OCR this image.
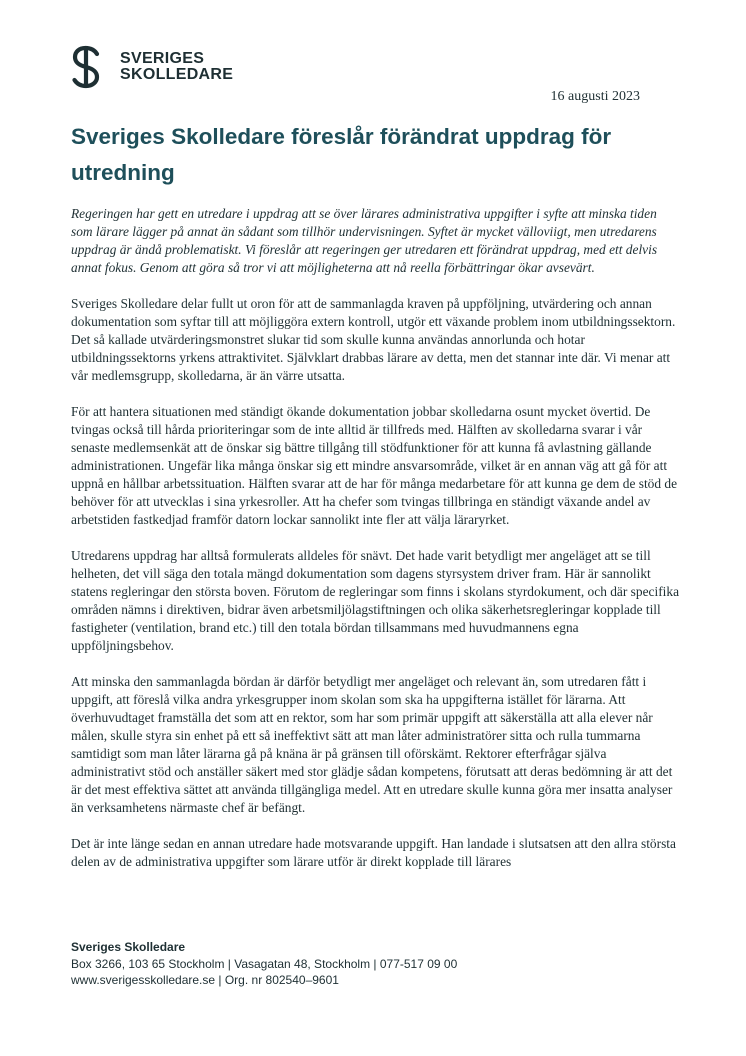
SVERIGES
SKOLLEDARE
16 augusti 2023
Sveriges Skolledare föreslår förändrat uppdrag för utredning

Regeringen har gett en utredare i uppdrag att se över lärares administrativa uppgifter i syfte att minska tiden som lärare lägger på annat än sådant som tillhör undervisningen. Syftet är mycket välloviigt, men utredarens uppdrag är ändå problematiskt. Vi föreslår att regeringen ger utredaren ett förändrat uppdrag, med ett delvis annat fokus. Genom att göra så tror vi att möjligheterna att nå reella förbättringar ökar avsevärt.

Sveriges Skolledare delar fullt ut oron för att de sammanlagda kraven på uppföljning, utvärdering och annan dokumentation som syftar till att möjliggöra extern kontroll, utgör ett växande problem inom utbildningssektorn. Det så kallade utvärderingsmonstret slukar tid som skulle kunna användas annorlunda och hotar utbildningssektorns yrkens attraktivitet. Självklart drabbas lärare av detta, men det stannar inte där. Vi menar att vår medlemsgrupp, skolledarna, är än värre utsatta.

För att hantera situationen med ständigt ökande dokumentation jobbar skolledarna osunt mycket övertid. De tvingas också till hårda prioriteringar som de inte alltid är tillfreds med. Hälften av skolledarna svarar i vår senaste medlemsenkät att de önskar sig bättre tillgång till stödfunktioner för att kunna få avlastning gällande administrationen. Ungefär lika många önskar sig ett mindre ansvarsområde, vilket är en annan väg att gå för att uppnå en hållbar arbetssituation. Hälften svarar att de har för många medarbetare för att kunna ge dem de stöd de behöver för att utvecklas i sina yrkesroller. Att ha chefer som tvingas tillbringa en ständigt växande andel av arbetstiden fastkedjad framför datorn lockar sannolikt inte fler att välja läraryrket.

Utredarens uppdrag har alltså formulerats alldeles för snävt. Det hade varit betydligt mer angeläget att se till helheten, det vill säga den totala mängd dokumentation som dagens styrsystem driver fram. Här är sannolikt statens regleringar den största boven. Förutom de regleringar som finns i skolans styrdokument, och där specifika områden nämns i direktiven, bidrar även arbetsmiljölagstiftningen och olika säkerhetsregleringar kopplade till fastigheter (ventilation, brand etc.) till den totala bördan tillsammans med huvudmannens egna uppföljningsbehov.

Att minska den sammanlagda bördan är därför betydligt mer angeläget och relevant än, som utredaren fått i uppgift, att föreslå vilka andra yrkesgrupper inom skolan som ska ha uppgifterna istället för lärarna. Att överhuvudtaget framställa det som att en rektor, som har som primär uppgift att säkerställa att alla elever når målen, skulle styra sin enhet på ett så ineffektivt sätt att man låter administratörer sitta och rulla tummarna samtidigt som man låter lärarna gå på knäna är på gränsen till oförskämt. Rektorer efterfrågar själva administrativt stöd och anställer säkert med stor glädje sådan kompetens, förutsatt att deras bedömning är att det är det mest effektiva sättet att använda tillgängliga medel. Att en utredare skulle kunna göra mer insatta analyser än verksamhetens närmaste chef är befängt.

Det är inte länge sedan en annan utredare hade motsvarande uppgift. Han landade i slutsatsen att den allra största delen av de administrativa uppgifter som lärare utför är direkt kopplade till lärares

Sveriges Skolledare
Box 3266, 103 65 Stockholm | Vasagatan 48, Stockholm | 077-517 09 00
www.sverigesskolledare.se | Org. nr 802540–9601
